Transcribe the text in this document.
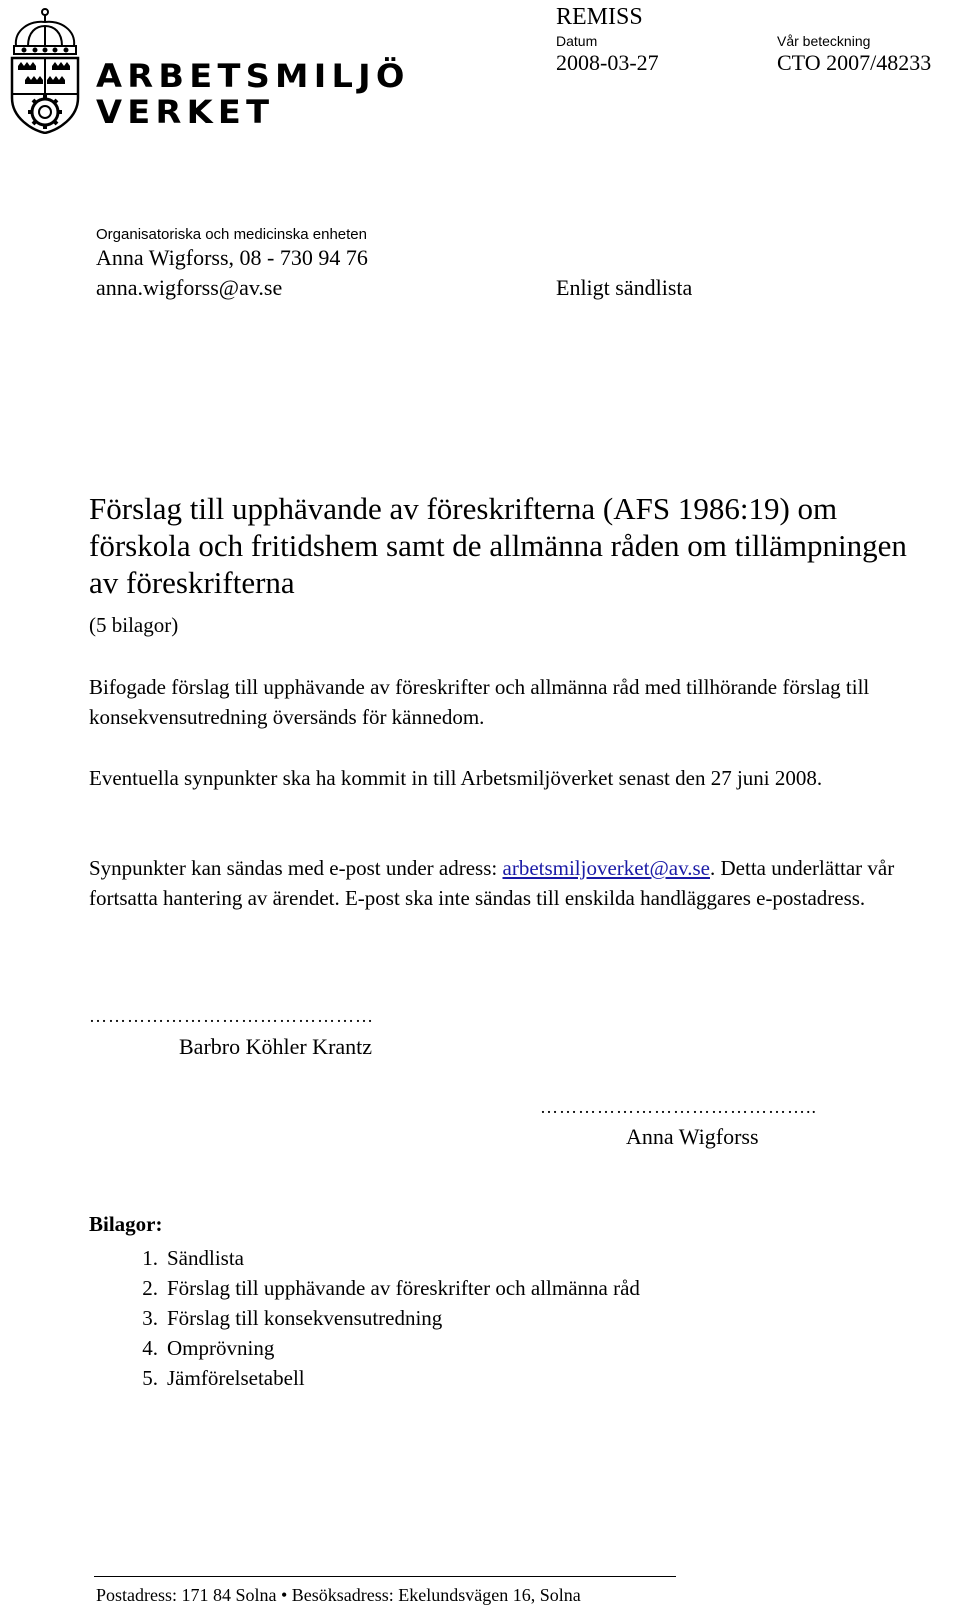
ARBETSMILJÖ
VERKET
REMISS
Datum	Vår beteckning
2008-03-27	CTO 2007/48233
Organisatoriska och medicinska enheten
Anna Wigforss, 08 - 730 94 76
anna.wigforss@av.se	Enligt sändlista
Förslag till upphävande av föreskrifterna (AFS 1986:19) om förskola och fritidshem samt de allmänna råden om tillämpningen av föreskrifterna
(5 bilagor)
Bifogade förslag till upphävande av föreskrifter och allmänna råd med tillhörande förslag till konsekvensutredning översänds för kännedom.
Eventuella synpunkter ska ha kommit in till Arbetsmiljöverket senast den 27 juni 2008.
Synpunkter kan sändas med e-post under adress: arbetsmiljoverket@av.se. Detta underlättar vår fortsatta hantering av ärendet. E-post ska inte sändas till enskilda handläggares e-postadress.
………………………………………
Barbro Köhler Krantz
……………………………………..
Anna Wigforss
Bilagor:
1. Sändlista
2. Förslag till upphävande av föreskrifter och allmänna råd
3. Förslag till konsekvensutredning
4. Omprövning
5. Jämförelsetabell
Postadress: 171 84 Solna • Besöksadress: Ekelundsvägen 16, Solna
